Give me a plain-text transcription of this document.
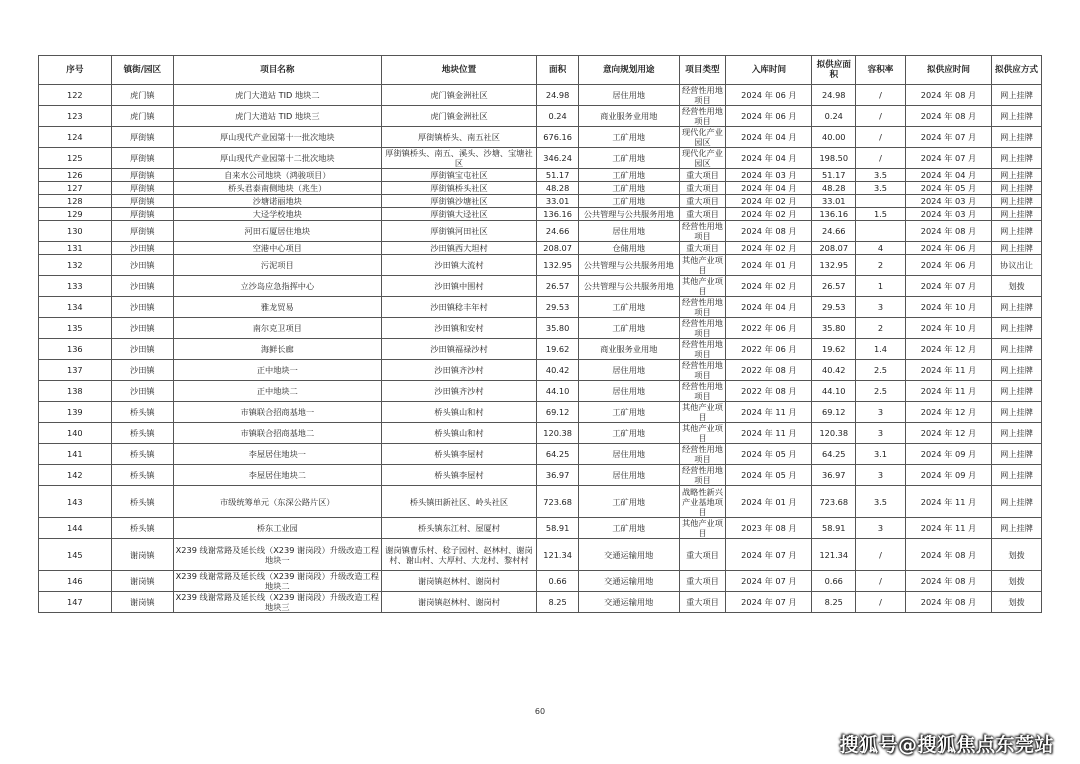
序号	镇街/园区	项目名称	地块位置	面积	意向规划用途	项目类型	入库时间	拟供应面积	容积率	拟供应时间	拟供应方式
122	虎门镇	虎门大道站 TID 地块二	虎门镇金洲社区	24.98	居住用地	经营性用地项目	2024 年 06 月	24.98	/	2024 年 08 月	网上挂牌
123	虎门镇	虎门大道站 TID 地块三	虎门镇金洲社区	0.24	商业服务业用地	经营性用地项目	2024 年 06 月	0.24	/	2024 年 08 月	网上挂牌
124	厚街镇	厚山现代产业园第十一批次地块	厚街镇桥头、南五社区	676.16	工矿用地	现代化产业园区	2024 年 04 月	40.00	/	2024 年 07 月	网上挂牌
125	厚街镇	厚山现代产业园第十二批次地块	厚街镇桥头、南五、溪头、沙塘、宝塘社区	346.24	工矿用地	现代化产业园区	2024 年 04 月	198.50	/	2024 年 07 月	网上挂牌
126	厚街镇	自来水公司地块（鸿骏项目）	厚街镇宝屯社区	51.17	工矿用地	重大项目	2024 年 03 月	51.17	3.5	2024 年 04 月	网上挂牌
127	厚街镇	桥头君泰南侧地块（兆生）	厚街镇桥头社区	48.28	工矿用地	重大项目	2024 年 04 月	48.28	3.5	2024 年 05 月	网上挂牌
128	厚街镇	沙塘诺丽地块	厚街镇沙塘社区	33.01	工矿用地	重大项目	2024 年 02 月	33.01		2024 年 03 月	网上挂牌
129	厚街镇	大迳学校地块	厚街镇大迳社区	136.16	公共管理与公共服务用地	重大项目	2024 年 02 月	136.16	1.5	2024 年 03 月	网上挂牌
130	厚街镇	河田石厦居住地块	厚街镇河田社区	24.66	居住用地	经营性用地项目	2024 年 08 月	24.66		2024 年 08 月	网上挂牌
131	沙田镇	空港中心项目	沙田镇西大坦村	208.07	仓储用地	重大项目	2024 年 02 月	208.07	4	2024 年 06 月	网上挂牌
132	沙田镇	污泥项目	沙田镇大流村	132.95	公共管理与公共服务用地	其他产业项目	2024 年 01 月	132.95	2	2024 年 06 月	协议出让
133	沙田镇	立沙岛应急指挥中心	沙田镇中围村	26.57	公共管理与公共服务用地	其他产业项目	2024 年 02 月	26.57	1	2024 年 07 月	划拨
134	沙田镇	雅龙贸易	沙田镇稔丰年村	29.53	工矿用地	经营性用地项目	2024 年 04 月	29.53	3	2024 年 10 月	网上挂牌
135	沙田镇	南尔克卫项目	沙田镇和安村	35.80	工矿用地	经营性用地项目	2022 年 06 月	35.80	2	2024 年 10 月	网上挂牌
136	沙田镇	海鲜长廊	沙田镇福禄沙村	19.62	商业服务业用地	经营性用地项目	2022 年 06 月	19.62	1.4	2024 年 12 月	网上挂牌
137	沙田镇	正中地块一	沙田镇齐沙村	40.42	居住用地	经营性用地项目	2022 年 08 月	40.42	2.5	2024 年 11 月	网上挂牌
138	沙田镇	正中地块二	沙田镇齐沙村	44.10	居住用地	经营性用地项目	2022 年 08 月	44.10	2.5	2024 年 11 月	网上挂牌
139	桥头镇	市镇联合招商基地一	桥头镇山和村	69.12	工矿用地	其他产业项目	2024 年 11 月	69.12	3	2024 年 12 月	网上挂牌
140	桥头镇	市镇联合招商基地二	桥头镇山和村	120.38	工矿用地	其他产业项目	2024 年 11 月	120.38	3	2024 年 12 月	网上挂牌
141	桥头镇	李屋居住地块一	桥头镇李屋村	64.25	居住用地	经营性用地项目	2024 年 05 月	64.25	3.1	2024 年 09 月	网上挂牌
142	桥头镇	李屋居住地块二	桥头镇李屋村	36.97	居住用地	经营性用地项目	2024 年 05 月	36.97	3	2024 年 09 月	网上挂牌
143	桥头镇	市级统筹单元（东深公路片区）	桥头镇田新社区、岭头社区	723.68	工矿用地	战略性新兴产业基地项目	2024 年 01 月	723.68	3.5	2024 年 11 月	网上挂牌
144	桥头镇	桥东工业园	桥头镇东江村、屋厦村	58.91	工矿用地	其他产业项目	2023 年 08 月	58.91	3	2024 年 11 月	网上挂牌
145	谢岗镇	X239 线谢常路及延长线（X239 谢岗段）升级改造工程地块一	谢岗镇曹乐村、稔子园村、赵林村、谢岗村、谢山村、大厚村、大龙村、黎村村	121.34	交通运输用地	重大项目	2024 年 07 月	121.34	/	2024 年 08 月	划拨
146	谢岗镇	X239 线谢常路及延长线（X239 谢岗段）升级改造工程地块二	谢岗镇赵林村、谢岗村	0.66	交通运输用地	重大项目	2024 年 07 月	0.66	/	2024 年 08 月	划拨
147	谢岗镇	X239 线谢常路及延长线（X239 谢岗段）升级改造工程地块三	谢岗镇赵林村、谢岗村	8.25	交通运输用地	重大项目	2024 年 07 月	8.25	/	2024 年 08 月	划拨
60
搜狐号@搜狐焦点东莞站
